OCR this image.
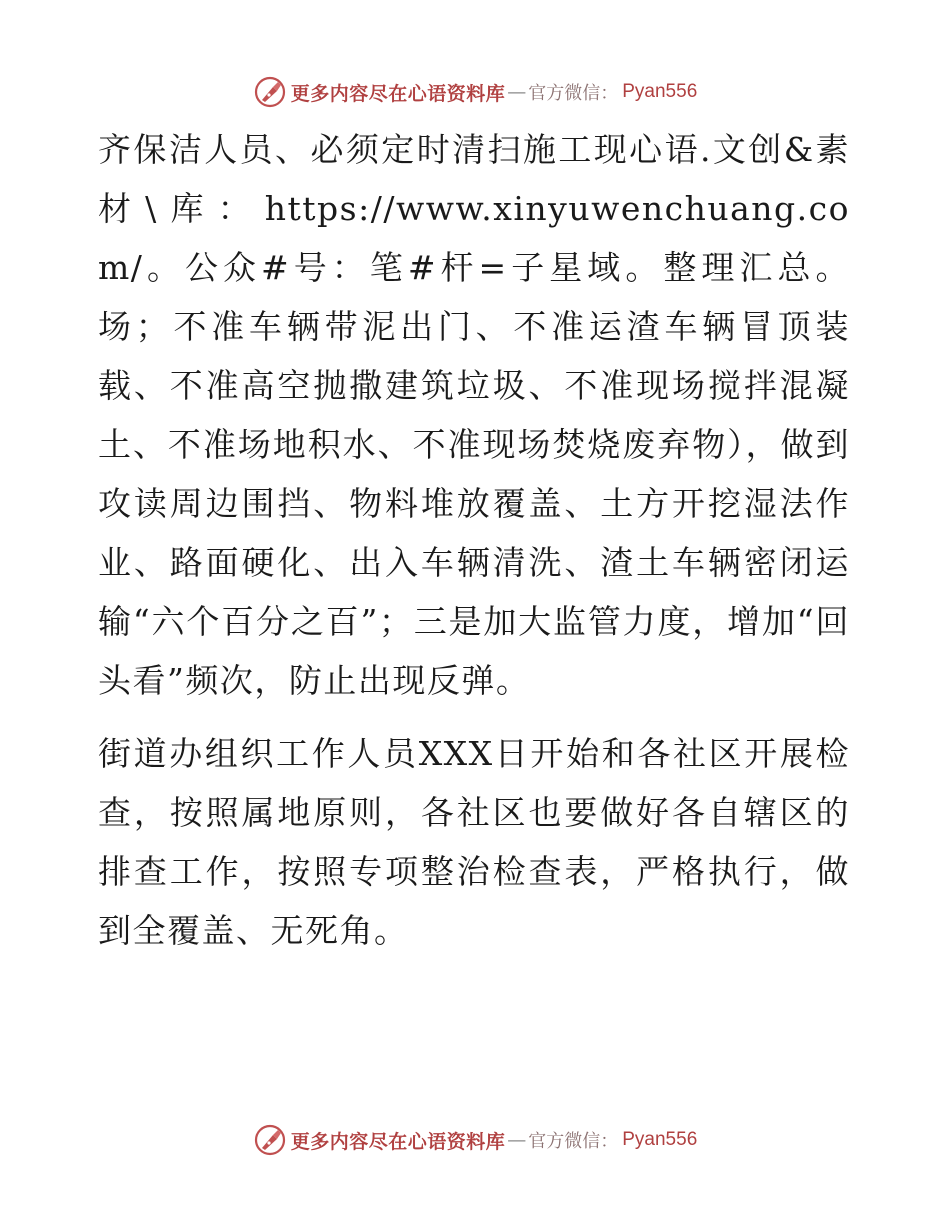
更多内容尽在心语资料库 — 官方微信： Pyan556

齐保洁人员、必须定时清扫施工现心语.文创&素材\库：https://www.xinyuwenchuang.com/。公众#号：笔#杆=子星域。整理汇总。场；不准车辆带泥出门、不准运渣车辆冒顶装载、不准高空抛撒建筑垃圾、不准现场搅拌混凝土、不准场地积水、不准现场焚烧废弃物），做到攻读周边围挡、物料堆放覆盖、土方开挖湿法作业、路面硬化、出入车辆清洗、渣土车辆密闭运输“六个百分之百”；三是加大监管力度，增加“回头看”频次，防止出现反弹。

街道办组织工作人员XXX日开始和各社区开展检查，按照属地原则，各社区也要做好各自辖区的排查工作，按照专项整治检查表，严格执行，做到全覆盖、无死角。

更多内容尽在心语资料库 — 官方微信： Pyan556
